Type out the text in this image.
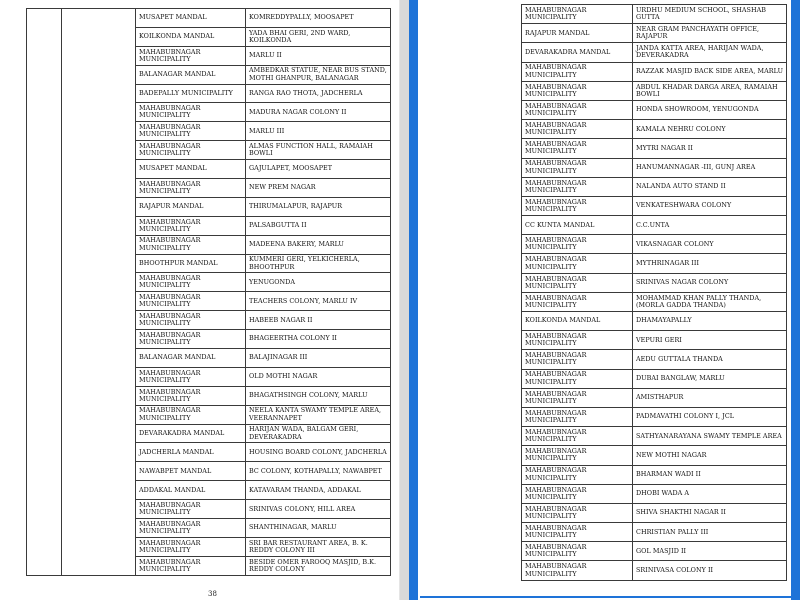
		MUSAPET MANDAL	KOMREDDYPALLY, MOOSAPET
		KOILKONDA MANDAL	YADA BHAI GERI, 2ND WARD, KOILKONDA
		MAHABUBNAGAR MUNICIPALITY	MARLU II
		BALANAGAR MANDAL	AMBEDKAR STATUE, NEAR BUS STAND, MOTHI GHANPUR, BALANAGAR
		BADEPALLY MUNICIPALITY	RANGA RAO THOTA, JADCHERLA
		MAHABUBNAGAR MUNICIPALITY	MADURA NAGAR COLONY II
		MAHABUBNAGAR MUNICIPALITY	MARLU III
		MAHABUBNAGAR MUNICIPALITY	ALMAS FUNCTION HALL, RAMAIAH BOWLI
		MUSAPET MANDAL	GAJULAPET, MOOSAPET
		MAHABUBNAGAR MUNICIPALITY	NEW PREM NAGAR
		RAJAPUR MANDAL	THIRUMALAPUR, RAJAPUR
		MAHABUBNAGAR MUNICIPALITY	PALSABGUTTA II
		MAHABUBNAGAR MUNICIPALITY	MADEENA BAKERY, MARLU
		BHOOTHPUR MANDAL	KUMMERI GERI, YELKICHERLA, BHOOTHPUR
		MAHABUBNAGAR MUNICIPALITY	YENUGONDA
		MAHABUBNAGAR MUNICIPALITY	TEACHERS COLONY, MARLU IV
		MAHABUBNAGAR MUNICIPALITY	HABEEB NAGAR II
		MAHABUBNAGAR MUNICIPALITY	BHAGEERTHA COLONY II
		BALANAGAR MANDAL	BALAJINAGAR III
		MAHABUBNAGAR MUNICIPALITY	OLD MOTHI NAGAR
		MAHABUBNAGAR MUNICIPALITY	BHAGATHSINGH COLONY, MARLU
		MAHABUBNAGAR MUNICIPALITY	NEELA KANTA SWAMY TEMPLE AREA, VEERANNAPET
		DEVARAKADRA MANDAL	HARIJAN WADA, BALGAM GERI, DEVERAKADRA
		JADCHERLA MANDAL	HOUSING BOARD COLONY, JADCHERLA
		NAWABPET MANDAL	BC COLONY, KOTHAPALLY, NAWABPET
		ADDAKAL MANDAL	KATAVARAM THANDA, ADDAKAL
		MAHABUBNAGAR MUNICIPALITY	SRINIVAS COLONY, HILL AREA
		MAHABUBNAGAR MUNICIPALITY	SHANTHINAGAR, MARLU
		MAHABUBNAGAR MUNICIPALITY	SRI BAR RESTAURANT AREA, B. K. REDDY COLONY III
		MAHABUBNAGAR MUNICIPALITY	BESIDE OMER FAROOQ MASJID, B.K. REDDY COLONY
38
MAHABUBNAGAR MUNICIPALITY	URDHU MEDIUM SCHOOL, SHASHAB GUTTA
RAJAPUR MANDAL	NEAR GRAM PANCHAYATH OFFICE, RAJAPUR
DEVARAKADRA MANDAL	JANDA KATTA AREA, HARIJAN WADA, DEVERAKADRA
MAHABUBNAGAR MUNICIPALITY	RAZZAK MASJID BACK SIDE AREA, MARLU
MAHABUBNAGAR MUNICIPALITY	ABDUL KHADAR DARGA AREA, RAMAIAH BOWLI
MAHABUBNAGAR MUNICIPALITY	HONDA SHOWROOM, YENUGONDA
MAHABUBNAGAR MUNICIPALITY	KAMALA NEHRU COLONY
MAHABUBNAGAR MUNICIPALITY	MYTRI NAGAR II
MAHABUBNAGAR MUNICIPALITY	HANUMANNAGAR -III, GUNJ AREA
MAHABUBNAGAR MUNICIPALITY	NALANDA AUTO STAND II
MAHABUBNAGAR MUNICIPALITY	VENKATESHWARA COLONY
CC KUNTA MANDAL	C.C.UNTA
MAHABUBNAGAR MUNICIPALITY	VIKASNAGAR COLONY
MAHABUBNAGAR MUNICIPALITY	MYTHRINAGAR III
MAHABUBNAGAR MUNICIPALITY	SRINIVAS NAGAR COLONY
MAHABUBNAGAR MUNICIPALITY	MOHAMMAD KHAN PALLY THANDA, (MORLA GADDA THANDA)
KOILKONDA MANDAL	DHAMAYAPALLY
MAHABUBNAGAR MUNICIPALITY	VEPURI GERI
MAHABUBNAGAR MUNICIPALITY	AEDU GUTTALA THANDA
MAHABUBNAGAR MUNICIPALITY	DUBAI BANGLAW, MARLU
MAHABUBNAGAR MUNICIPALITY	AMISTHAPUR
MAHABUBNAGAR MUNICIPALITY	PADMAVATHI COLONY I, JCL
MAHABUBNAGAR MUNICIPALITY	SATHYANARAYANA SWAMY TEMPLE AREA
MAHABUBNAGAR MUNICIPALITY	NEW MOTHI NAGAR
MAHABUBNAGAR MUNICIPALITY	BHARMAN WADI II
MAHABUBNAGAR MUNICIPALITY	DHOBI WADA A
MAHABUBNAGAR MUNICIPALITY	SHIVA SHAKTHI NAGAR II
MAHABUBNAGAR MUNICIPALITY	CHRISTIAN PALLY III
MAHABUBNAGAR MUNICIPALITY	GOL MASJID II
MAHABUBNAGAR MUNICIPALITY	SRINIVASA COLONY II
